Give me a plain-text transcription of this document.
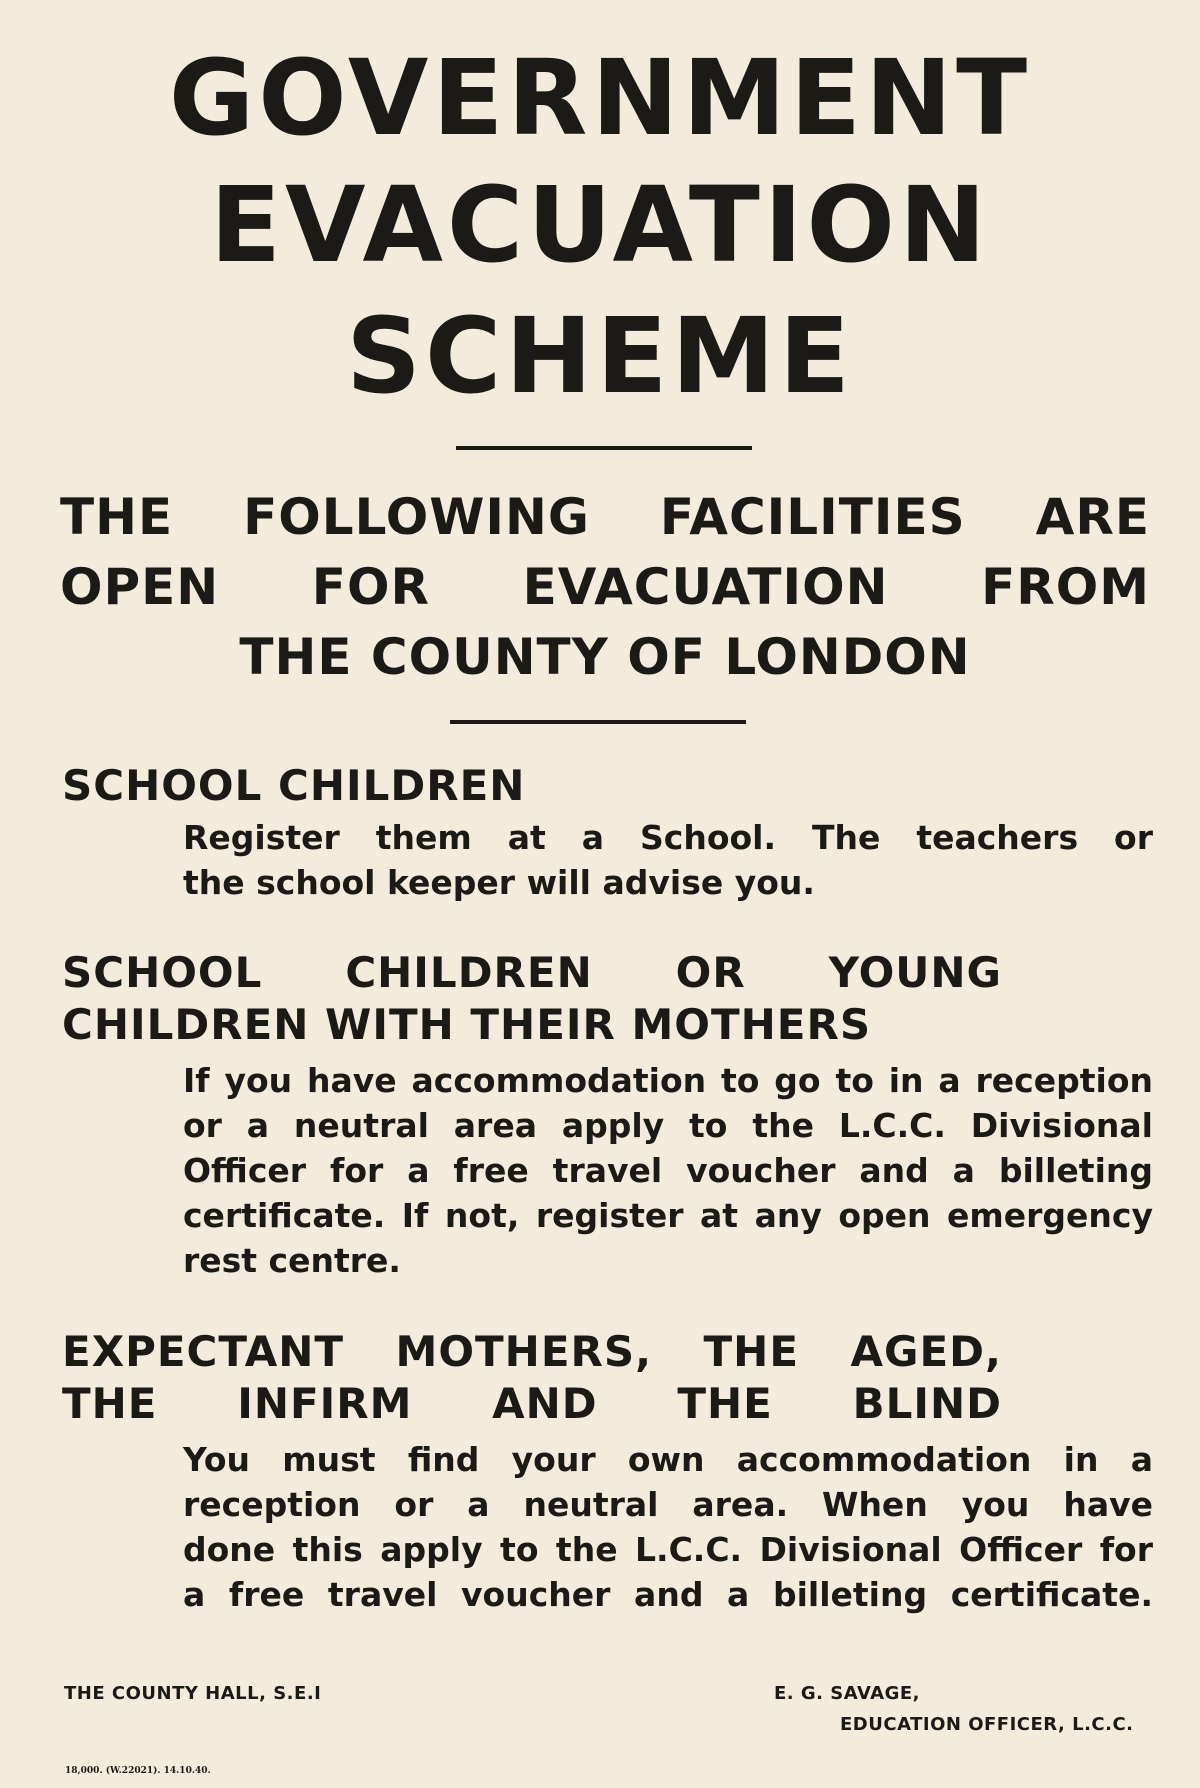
GOVERNMENT
EVACUATION
SCHEME
THE FOLLOWING FACILITIES ARE
OPEN FOR EVACUATION FROM
THE COUNTY OF LONDON
SCHOOL CHILDREN
Register them at a School. The teachers or
the school keeper will advise you.
SCHOOL CHILDREN OR YOUNG
CHILDREN WITH THEIR MOTHERS
If you have accommodation to go to in a reception
or a neutral area apply to the L.C.C. Divisional
Officer for a free travel voucher and a billeting
certificate. If not, register at any open emergency
rest centre.
EXPECTANT MOTHERS, THE AGED,
THE INFIRM AND THE BLIND
You must find your own accommodation in a
reception or a neutral area. When you have
done this apply to the L.C.C. Divisional Officer for
a free travel voucher and a billeting certificate.
THE COUNTY HALL, S.E.I	E. G. SAVAGE,
EDUCATION OFFICER, L.C.C.
18,000. (W.22021). 14.10.40.
